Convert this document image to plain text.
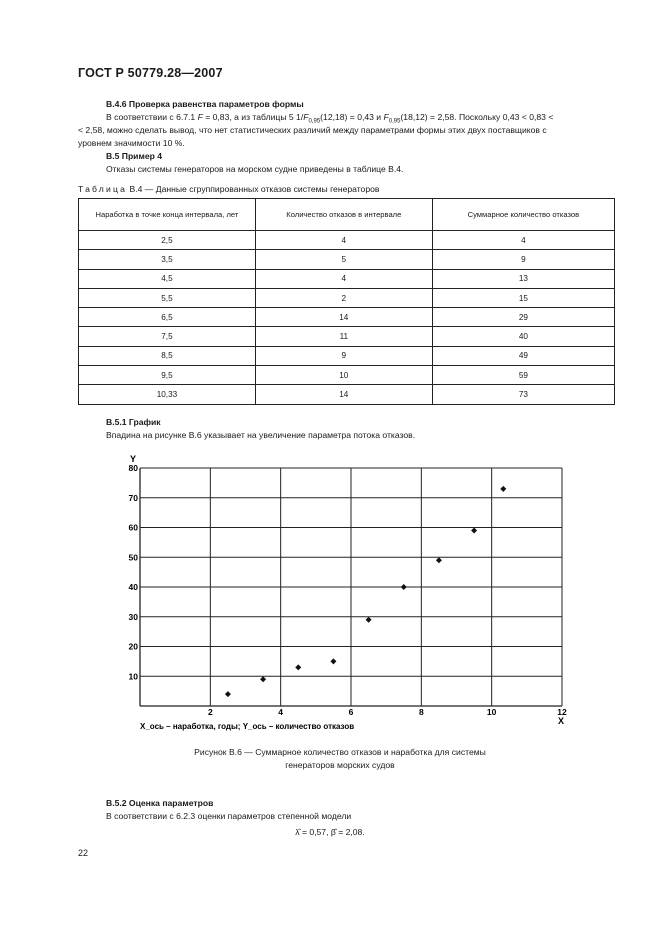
ГОСТ Р 50779.28—2007
В.4.6 Проверка равенства параметров формы
В соответствии с 6.7.1 F = 0,83, а из таблицы 5 $1/F_{0,95}(12,18) = 0,43$ и $F_{0,95}(18,12) = 2,58$. Поскольку 0,43 < 0,83 <
< 2,58, можно сделать вывод, что нет статистических различий между параметрами формы этих двух поставщиков с
уровнем значимости 10 %.
В.5 Пример 4
Отказы системы генераторов на морском судне приведены в таблице В.4.
Таблица В.4 — Данные сгруппированных отказов системы генераторов
Наработка в точке конца интервала, лет	Количество отказов в интервале	Суммарное количество отказов
2,5	4	4
3,5	5	9
4,5	4	13
5,5	2	15
6,5	14	29
7,5	11	40
8,5	9	49
9,5	10	59
10,33	14	73
В.5.1 График
Впадина на рисунке В.6 указывает на увеличение параметра потока отказов.
10
20
30
40
50
60
70
80
2	4	6	8	10	12
Y
X
X_ось – наработка, годы; Y_ось – количество отказов
Рисунок В.6 — Суммарное количество отказов и наработка для системы
генераторов морских судов
В.5.2 Оценка параметров
В соответствии с 6.2.3 оценки параметров степенной модели
λ̂ = 0,57, β̂ = 2,08.
22
